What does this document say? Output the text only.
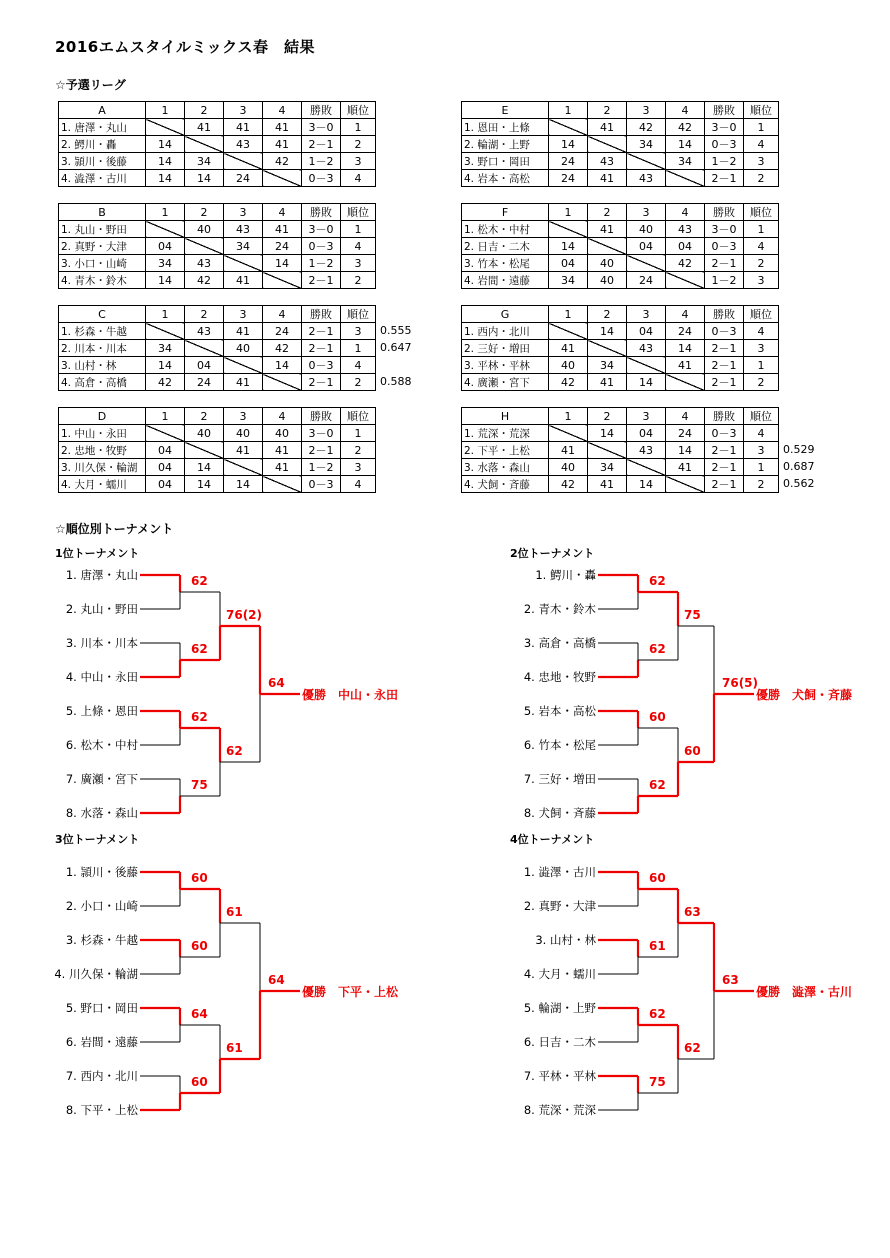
2016エムスタイルミックス春　結果
☆予選リーグ
A	1	2	3	4	勝敗	順位
1. 唐澤・丸山		41	41	41	3－0	1
2. 鰐川・轟	14		43	41	2－1	2
3. 頴川・後藤	14	34		42	1－2	3
4. 澁澤・古川	14	14	24		0－3	4
B	1	2	3	4	勝敗	順位
1. 丸山・野田		40	43	41	3－0	1
2. 真野・大津	04		34	24	0－3	4
3. 小口・山崎	34	43		14	1－2	3
4. 青木・鈴木	14	42	41		2－1	2
0.555
0.647
0.588
C	1	2	3	4	勝敗	順位
1. 杉森・牛越		43	41	24	2－1	3
2. 川本・川本	34		40	42	2－1	1
3. 山村・林	14	04		14	0－3	4
4. 高倉・高橋	42	24	41		2－1	2
D	1	2	3	4	勝敗	順位
1. 中山・永田		40	40	40	3－0	1
2. 忠地・牧野	04		41	41	2－1	2
3. 川久保・輪湖	04	14		41	1－2	3
4. 大月・蠕川	04	14	14		0－3	4
E	1	2	3	4	勝敗	順位
1. 恩田・上條		41	42	42	3－0	1
2. 輪湖・上野	14		34	14	0－3	4
3. 野口・岡田	24	43		34	1－2	3
4. 岩本・高松	24	41	43		2－1	2
F	1	2	3	4	勝敗	順位
1. 松木・中村		41	40	43	3－0	1
2. 日吉・二木	14		04	04	0－3	4
3. 竹本・松尾	04	40		42	2－1	2
4. 岩間・遠藤	34	40	24		1－2	3
G	1	2	3	4	勝敗	順位
1. 西内・北川		14	04	24	0－3	4
2. 三好・増田	41		43	14	2－1	3
3. 平林・平林	40	34		41	2－1	1
4. 廣瀬・宮下	42	41	14		2－1	2
0.529
0.687
0.562
H	1	2	3	4	勝敗	順位
1. 荒深・荒深		14	04	24	0－3	4
2. 下平・上松	41		43	14	2－1	3
3. 水落・森山	40	34		41	2－1	1
4. 犬飼・斉藤	42	41	14		2－1	2
☆順位別トーナメント
1位トーナメント
1. 唐澤・丸山
2. 丸山・野田
3. 川本・川本
4. 中山・永田
5. 上條・恩田
6. 松木・中村
7. 廣瀬・宮下
8. 水落・森山
62
62
62
75
76(2)
62
64
優勝　中山・永田
2位トーナメント
1. 鰐川・轟
2. 青木・鈴木
3. 高倉・高橋
4. 忠地・牧野
5. 岩本・高松
6. 竹本・松尾
7. 三好・増田
8. 犬飼・斉藤
62
62
60
62
75
60
76(5)
優勝　犬飼・斉藤
3位トーナメント
1. 頴川・後藤
2. 小口・山崎
3. 杉森・牛越
4. 川久保・輪湖
5. 野口・岡田
6. 岩間・遠藤
7. 西内・北川
8. 下平・上松
60
60
64
60
61
61
64
優勝　下平・上松
4位トーナメント
1. 澁澤・古川
2. 真野・大津
3. 山村・林
4. 大月・蠕川
5. 輪湖・上野
6. 日吉・二木
7. 平林・平林
8. 荒深・荒深
60
61
62
75
63
62
63
優勝　澁澤・古川
